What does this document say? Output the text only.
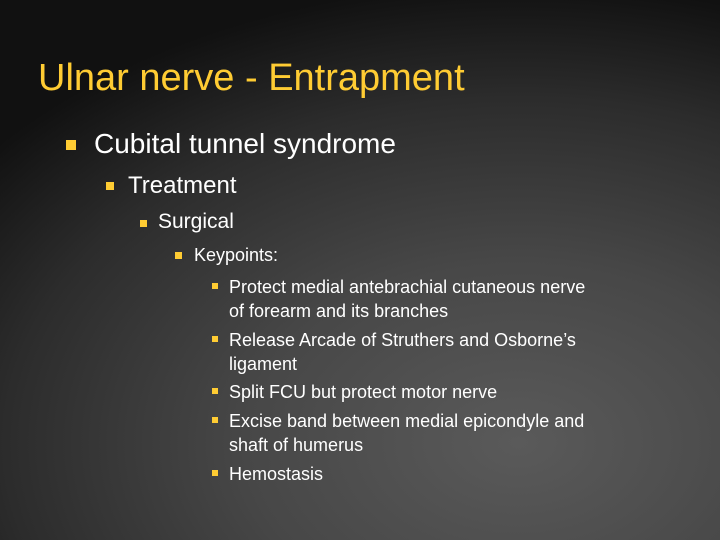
Ulnar nerve - Entrapment
Cubital tunnel syndrome
Treatment
Surgical
Keypoints:
Protect medial antebrachial cutaneous nerve
of forearm and its branches
Release Arcade of Struthers and Osborne’s
ligament
Split FCU but protect motor nerve
Excise band between medial epicondyle and
shaft of humerus
Hemostasis
